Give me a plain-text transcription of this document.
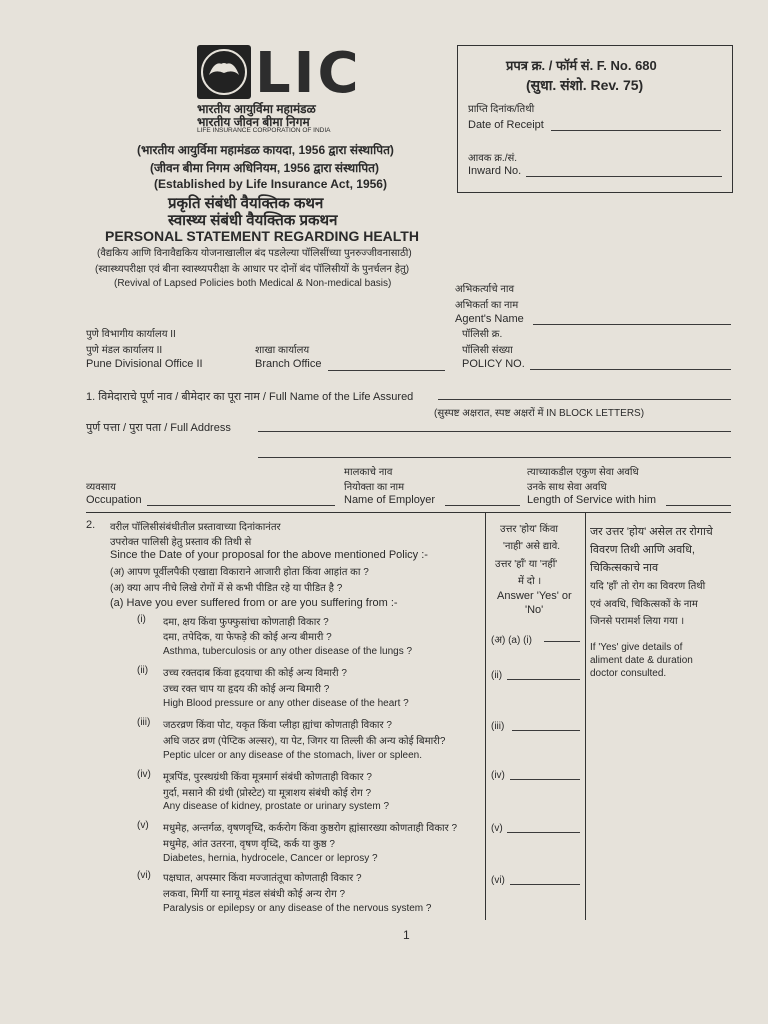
LIC
भारतीय आयुर्विमा महामंडळ
भारतीय जीवन बीमा निगम
LIFE INSURANCE CORPORATION OF INDIA
(भारतीय आयुर्विमा महामंडळ कायदा, 1956 द्वारा संस्थापित)
(जीवन बीमा निगम अधिनियम, 1956 द्वारा संस्थापित)
(Established by Life Insurance Act, 1956)
प्रकृति संबंधी वैयक्तिक कथन
स्वास्थ्य संबंधी वैयक्तिक प्रकथन
PERSONAL STATEMENT REGARDING HEALTH
(वैद्यकिय आणि विनावैद्यकिय योजनाखालील बंद पडलेल्या पॉलिसींच्या पुनरुज्जीवनासाठी)
(स्वास्थ्यपरीक्षा एवं बीना स्वास्थ्यपरीक्षा के आधार पर दोनों बंद पॉलिसीयों के पुनर्चलन हेतु)
(Revival of Lapsed Policies both Medical & Non-medical basis)
प्रपत्र क्र. / फॉर्म सं. F. No. 680
(सुधा. संशो. Rev. 75)
प्राप्ति दिनांक/तिथी
Date of Receipt
आवक क्र./सं.
Inward No.
अभिकर्त्याचे नाव
अभिकर्ता का नाम
Agent's Name
पुणे विभागीय कार्यालय II
पुणे मंडल कार्यालय II
Pune Divisional Office II
शाखा कार्यालय
Branch Office
पॉलिसी क्र.
पॉलिसी संख्या
POLICY NO.
1. विमेदाराचे पूर्ण नाव / बीमेदार का पूरा नाम / Full Name of the Life Assured
(सुस्पष्ट अक्षरात, स्पष्ट अक्षरों में IN BLOCK LETTERS)
पुर्ण पत्ता / पुरा पता / Full Address
व्यवसाय
Occupation
मालकाचे नाव
नियोक्ता का नाम
Name of Employer
त्याच्याकडील एकुण सेवा अवधि
उनके साथ सेवा अवधि
Length of Service with him
2. वरील पॉलिसीसंबंधीतील प्रस्तावाच्या दिनांकानंतर
उपरोक्त पालिसी हेतु प्रस्ताव की तिथी से
Since the Date of your proposal for the above mentioned Policy :-
(अ) आपण पूर्वीलपैकी एखाद्या विकाराने आजारी होता किंवा आहांत का ?
(अ) क्या आप नीचे लिखे रोगों में से कभी पीडित रहे या पीडित है ?
(a) Have you ever suffered from or are you suffering from :-
उत्तर 'होय' किंवा
'नाही' असे द्यावे.
उत्तर 'हाँ' या 'नहीं'
में दो ।
Answer 'Yes' or
'No'
जर उत्तर 'होय' असेल तर रोगाचे
विवरण तिथी आणि अवधि,
चिकित्सकाचे नाव
यदि 'हाँ' तो रोग का विवरण तिथी
एवं अवधि, चिकित्सकों के नाम
जिनसे परामर्श लिया गया ।
If 'Yes' give details of
aliment date & duration
doctor consulted.
(i) दमा, क्षय किंवा फुफ्फुसांचा कोणताही विकार ?
दमा, तपेदिक, या फेफड़े की कोई अन्य बीमारी ?
Asthma, tuberculosis or any other disease of the lungs ?
(अ) (a) (i)
(ii) उच्च रक्तदाब किंवा हृदयाचा की कोई अन्य विमारी ?
उच्च रक्त चाप या हृदय की कोई अन्य बिमारी ?
High Blood pressure or any other disease of the heart ?
(ii)
(iii) जठरव्रण किंवा पोट, यकृत किंवा प्लीहा ह्यांचा कोणताही विकार ?
अधि जठर व्रण (पेप्टिक अल्सर), या पेट, जिगर या तिल्ली की अन्य कोई बिमारी?
Peptic ulcer or any disease of the stomach, liver or spleen.
(iii)
(iv) मूत्रपिंड, पुरस्थग्रंथी किंवा मूत्रमार्ग संबंधी कोणताही विकार ?
गुर्दा, मसाने की ग्रंथी (प्रोस्टेट) या मूत्राशय संबंधी कोई रोग ?
Any disease of kidney, prostate or urinary system ?
(iv)
(v) मधुमेह, अन्तर्गळ, वृषणवृध्दि, कर्करोग किंवा कुष्ठरोग ह्यांसारख्या कोणताही विकार ?
मधुमेह, आंत उतरना, वृषण वृध्दि, कर्क या कुष्ठ ?
Diabetes, hernia, hydrocele, Cancer or leprosy ?
(v)
(vi) पक्षघात, अपस्मार किंवा मज्जातंतूचा कोणताही विकार ?
लकवा, मिर्गी या स्नायू मंडल संबंधी कोई अन्य रोग ?
Paralysis or epilepsy or any disease of the nervous system ?
(vi)
1
